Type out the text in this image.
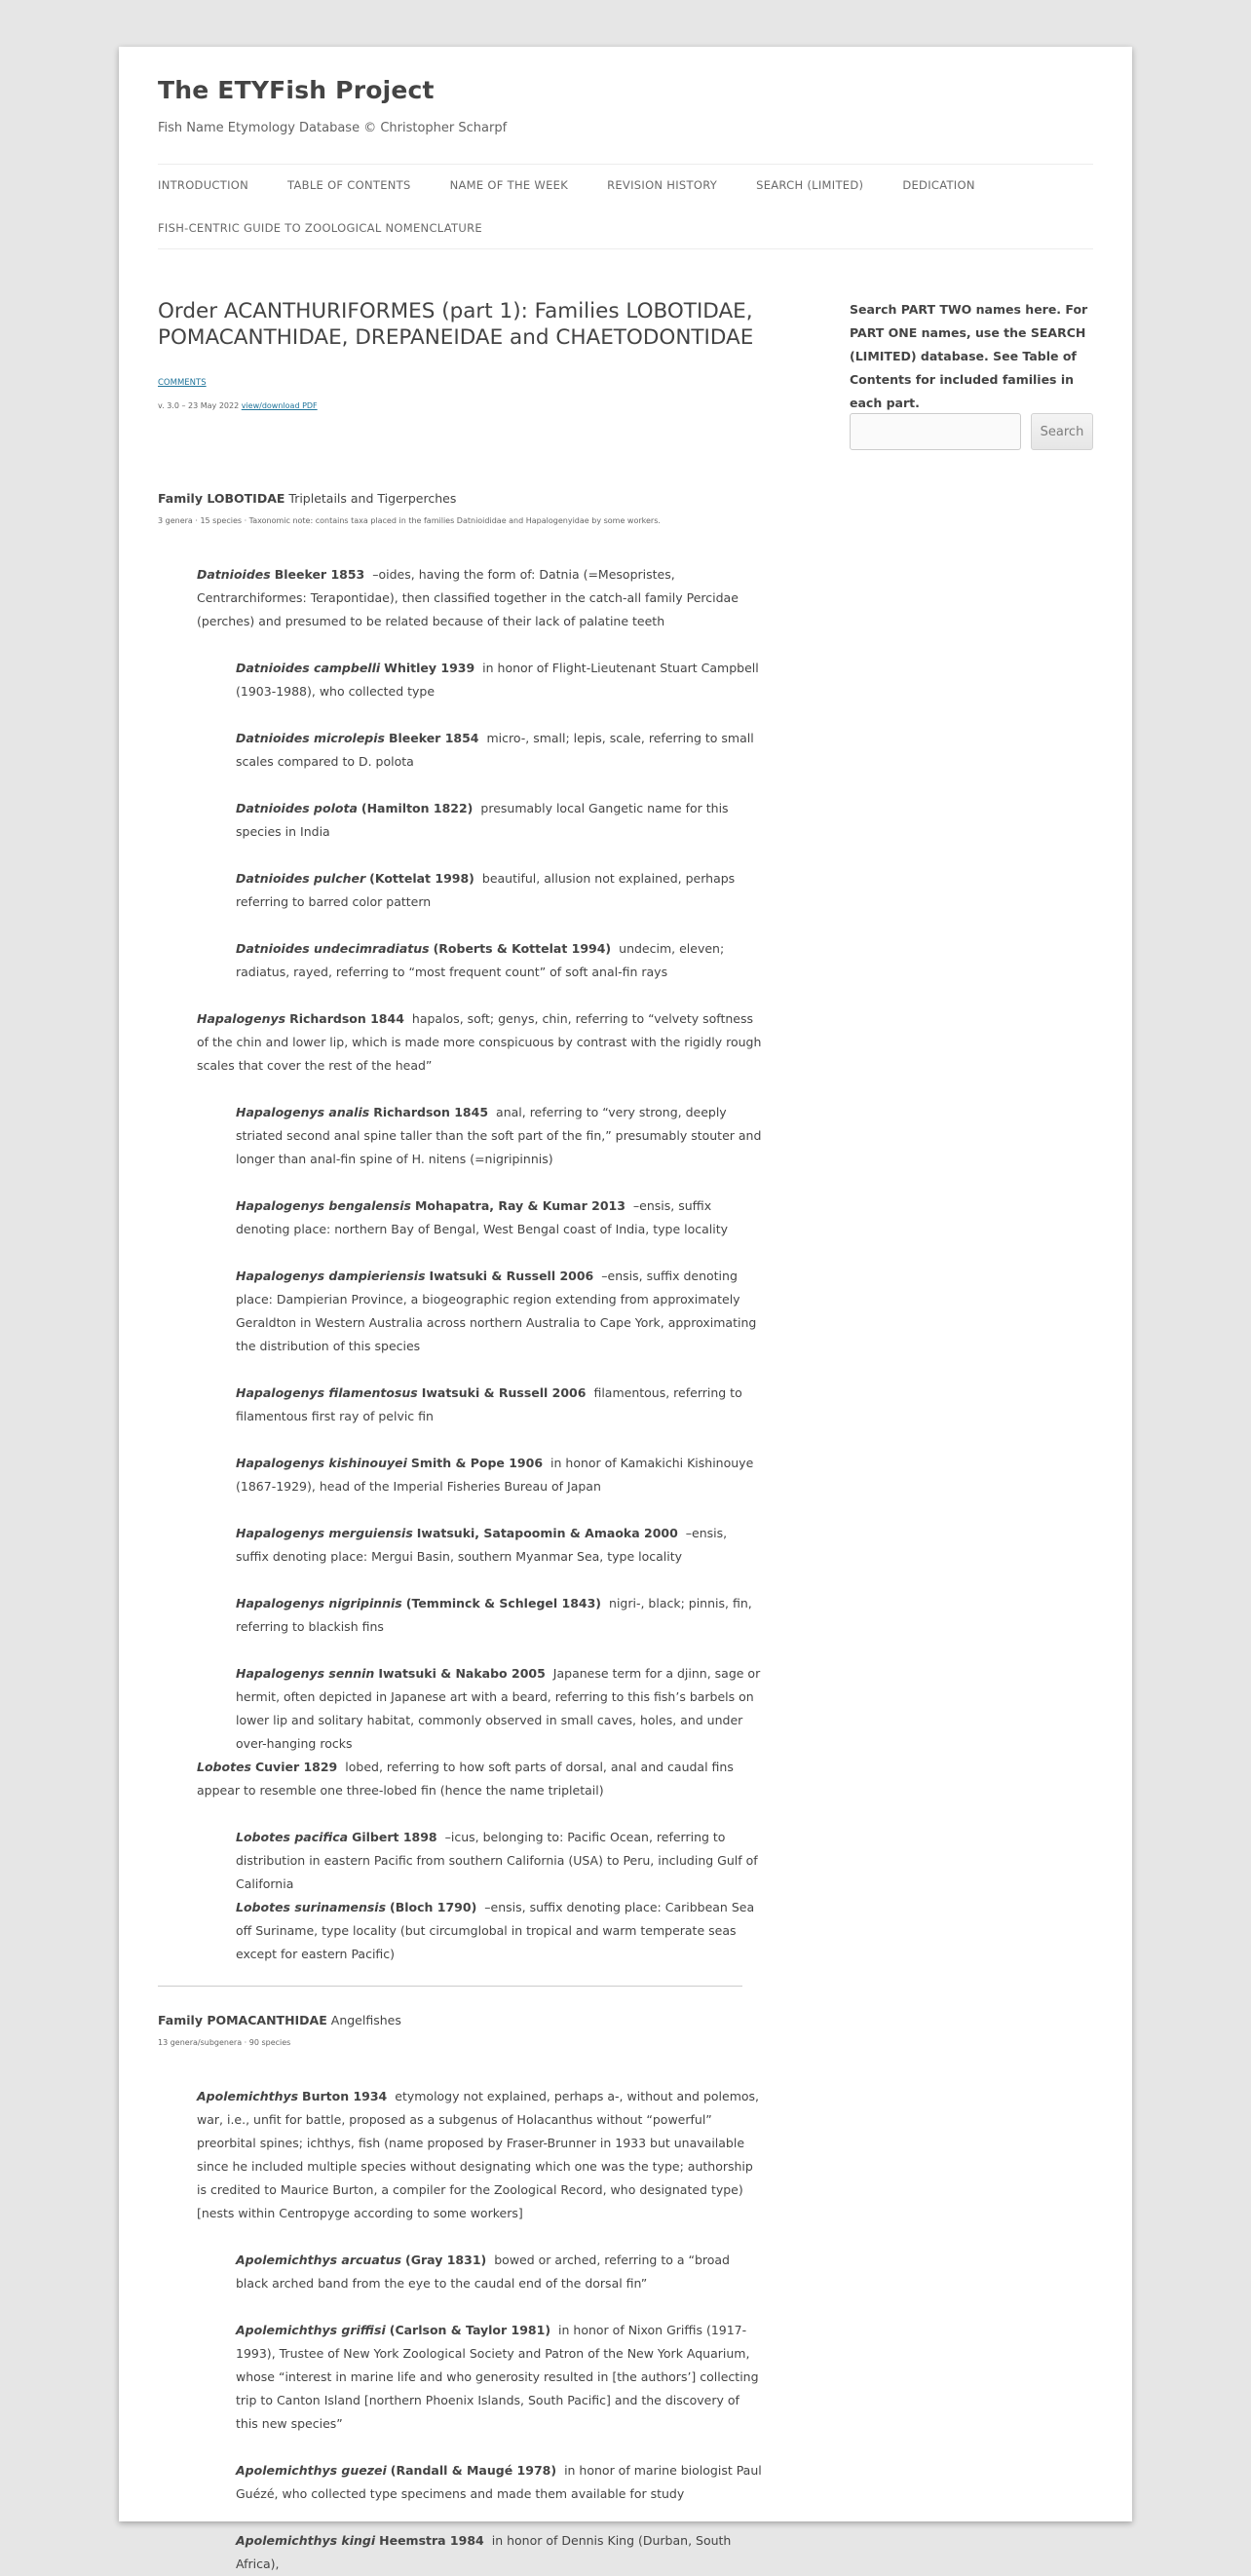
The ETYFish Project
Fish Name Etymology Database © Christopher Scharpf
INTRODUCTION	TABLE OF CONTENTS	NAME OF THE WEEK	REVISION HISTORY	SEARCH (LIMITED)	DEDICATION
FISH-CENTRIC GUIDE TO ZOOLOGICAL NOMENCLATURE
Order ACANTHURIFORMES (part 1): Families LOBOTIDAE, POMACANTHIDAE, DREPANEIDAE and CHAETODONTIDAE
COMMENTS
v. 3.0 – 23 May 2022 view/download PDF
Family LOBOTIDAE Tripletails and Tigerperches
3 genera · 15 species · Taxonomic note: contains taxa placed in the families Datnioididae and Hapalogenyidae by some workers.
Datnioides Bleeker 1853 –oides, having the form of: Datnia (=Mesopristes, Centrarchiformes: Terapontidae), then classified together in the catch-all family Percidae (perches) and presumed to be related because of their lack of palatine teeth
Datnioides campbelli Whitley 1939 in honor of Flight-Lieutenant Stuart Campbell (1903-1988), who collected type
Datnioides microlepis Bleeker 1854 micro-, small; lepis, scale, referring to small scales compared to D. polota
Datnioides polota (Hamilton 1822) presumably local Gangetic name for this species in India
Datnioides pulcher (Kottelat 1998) beautiful, allusion not explained, perhaps referring to barred color pattern
Datnioides undecimradiatus (Roberts & Kottelat 1994) undecim, eleven; radiatus, rayed, referring to “most frequent count” of soft anal-fin rays
Hapalogenys Richardson 1844 hapalos, soft; genys, chin, referring to “velvety softness of the chin and lower lip, which is made more conspicuous by contrast with the rigidly rough scales that cover the rest of the head”
Hapalogenys analis Richardson 1845 anal, referring to “very strong, deeply striated second anal spine taller than the soft part of the fin,” presumably stouter and longer than anal-fin spine of H. nitens (=nigripinnis)
Hapalogenys bengalensis Mohapatra, Ray & Kumar 2013 –ensis, suffix denoting place: northern Bay of Bengal, West Bengal coast of India, type locality
Hapalogenys dampieriensis Iwatsuki & Russell 2006 –ensis, suffix denoting place: Dampierian Province, a biogeographic region extending from approximately Geraldton in Western Australia across northern Australia to Cape York, approximating the distribution of this species
Hapalogenys filamentosus Iwatsuki & Russell 2006 filamentous, referring to filamentous first ray of pelvic fin
Hapalogenys kishinouyei Smith & Pope 1906 in honor of Kamakichi Kishinouye (1867-1929), head of the Imperial Fisheries Bureau of Japan
Hapalogenys merguiensis Iwatsuki, Satapoomin & Amaoka 2000 –ensis, suffix denoting place: Mergui Basin, southern Myanmar Sea, type locality
Hapalogenys nigripinnis (Temminck & Schlegel 1843) nigri-, black; pinnis, fin, referring to blackish fins
Hapalogenys sennin Iwatsuki & Nakabo 2005 Japanese term for a djinn, sage or hermit, often depicted in Japanese art with a beard, referring to this fish’s barbels on lower lip and solitary habitat, commonly observed in small caves, holes, and under over-hanging rocks
Lobotes Cuvier 1829 lobed, referring to how soft parts of dorsal, anal and caudal fins appear to resemble one three-lobed fin (hence the name tripletail)
Lobotes pacifica Gilbert 1898 –icus, belonging to: Pacific Ocean, referring to distribution in eastern Pacific from southern California (USA) to Peru, including Gulf of California
Lobotes surinamensis (Bloch 1790) –ensis, suffix denoting place: Caribbean Sea off Suriname, type locality (but circumglobal in tropical and warm temperate seas except for eastern Pacific)
Family POMACANTHIDAE Angelfishes
13 genera/subgenera · 90 species
Apolemichthys Burton 1934 etymology not explained, perhaps a-, without and polemos, war, i.e., unfit for battle, proposed as a subgenus of Holacanthus without “powerful” preorbital spines; ichthys, fish (name proposed by Fraser-Brunner in 1933 but unavailable since he included multiple species without designating which one was the type; authorship is credited to Maurice Burton, a compiler for the Zoological Record, who designated type) [nests within Centropyge according to some workers]
Apolemichthys arcuatus (Gray 1831) bowed or arched, referring to a “broad black arched band from the eye to the caudal end of the dorsal fin”
Apolemichthys griffisi (Carlson & Taylor 1981) in honor of Nixon Griffis (1917-1993), Trustee of New York Zoological Society and Patron of the New York Aquarium, whose “interest in marine life and who generosity resulted in [the authors’] collecting trip to Canton Island [northern Phoenix Islands, South Pacific] and the discovery of this new species”
Apolemichthys guezei (Randall & Maugé 1978) in honor of marine biologist Paul Guézé, who collected type specimens and made them available for study
Apolemichthys kingi Heemstra 1984 in honor of Dennis King (Durban, South Africa),
Search PART TWO names here. For PART ONE names, use the SEARCH (LIMITED) database. See Table of Contents for included families in each part.
Search
